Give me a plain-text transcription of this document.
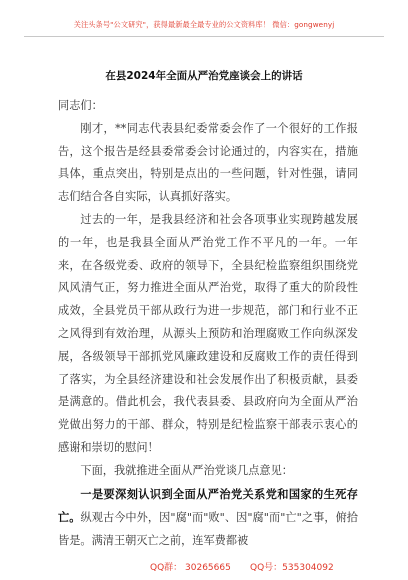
关注头条号"公文研究"，获得最新最全最专业的公文资料库！ 微信：gongwenyj
在县2024年全面从严治党座谈会上的讲话

同志们：

刚才，**同志代表县纪委常委会作了一个很好的工作报告，这个报告是经县委常委会讨论通过的，内容实在，措施具体，重点突出，特别是点出的一些问题，针对性强，请同志们结合各自实际，认真抓好落实。

过去的一年，是我县经济和社会各项事业实现跨越发展的一年，也是我县全面从严治党工作不平凡的一年。一年来，在各级党委、政府的领导下，全县纪检监察组织围绕党风风清气正，努力推进全面从严治党，取得了重大的阶段性成效，全县党员干部从政行为进一步规范，部门和行业不正之风得到有效治理，从源头上预防和治理腐败工作向纵深发展，各级领导干部抓党风廉政建设和反腐败工作的责任得到了落实，为全县经济建设和社会发展作出了积极贡献，县委是满意的。借此机会，我代表县委、县政府向为全面从严治党做出努力的干部、群众，特别是纪检监察干部表示衷心的感谢和崇切的慰问！

下面，我就推进全面从严治党谈几点意见：

一是要深刻认识到全面从严治党关系党和国家的生死存亡。纵观古今中外，因"腐"而"败"、因"腐"而"亡"之事，俯拾皆是。满清王朝灭亡之前，连军费都被

QQ群： 30265665 QQ号：535304092
